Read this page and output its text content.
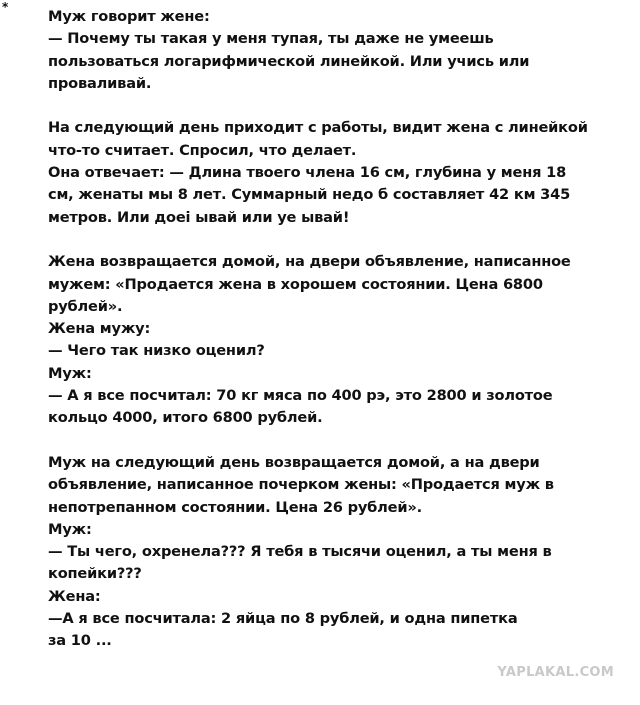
*
Муж говорит жене:
— Почему ты такая у меня тупая, ты даже не умеешь
пользоваться логарифмической линейкой. Или учись или
проваливай.
На следующий день приходит с работы, видит жена с линейкой
что-то считает. Спросил, что делает.
Она отвечает: — Длина твоего члена 16 см, глубина у меня 18
см, женаты мы 8 лет. Суммарный недо б составляет 42 км 345
метров. Или доеі ывай или уе ывай!
Жена возвращается домой, на двери объявление, написанное
мужем: «Продается жена в хорошем состоянии. Цена 6800
рублей».
Жена мужу:
— Чего так низко оценил?
Муж:
— А я все посчитал: 70 кг мяса по 400 рэ, это 2800 и золотое
кольцо 4000, итого 6800 рублей.
Муж на следующий день возвращается домой, а на двери
объявление, написанное почерком жены: «Продается муж в
непотрепанном состоянии. Цена 26 рублей».
Муж:
— Ты чего, охренела??? Я тебя в тысячи оценил, а ты меня в
копейки???
Жена:
—А я все посчитала: 2 яйца по 8 рублей, и одна пипетка
за 10 ...
YAPLAKAL.COM
